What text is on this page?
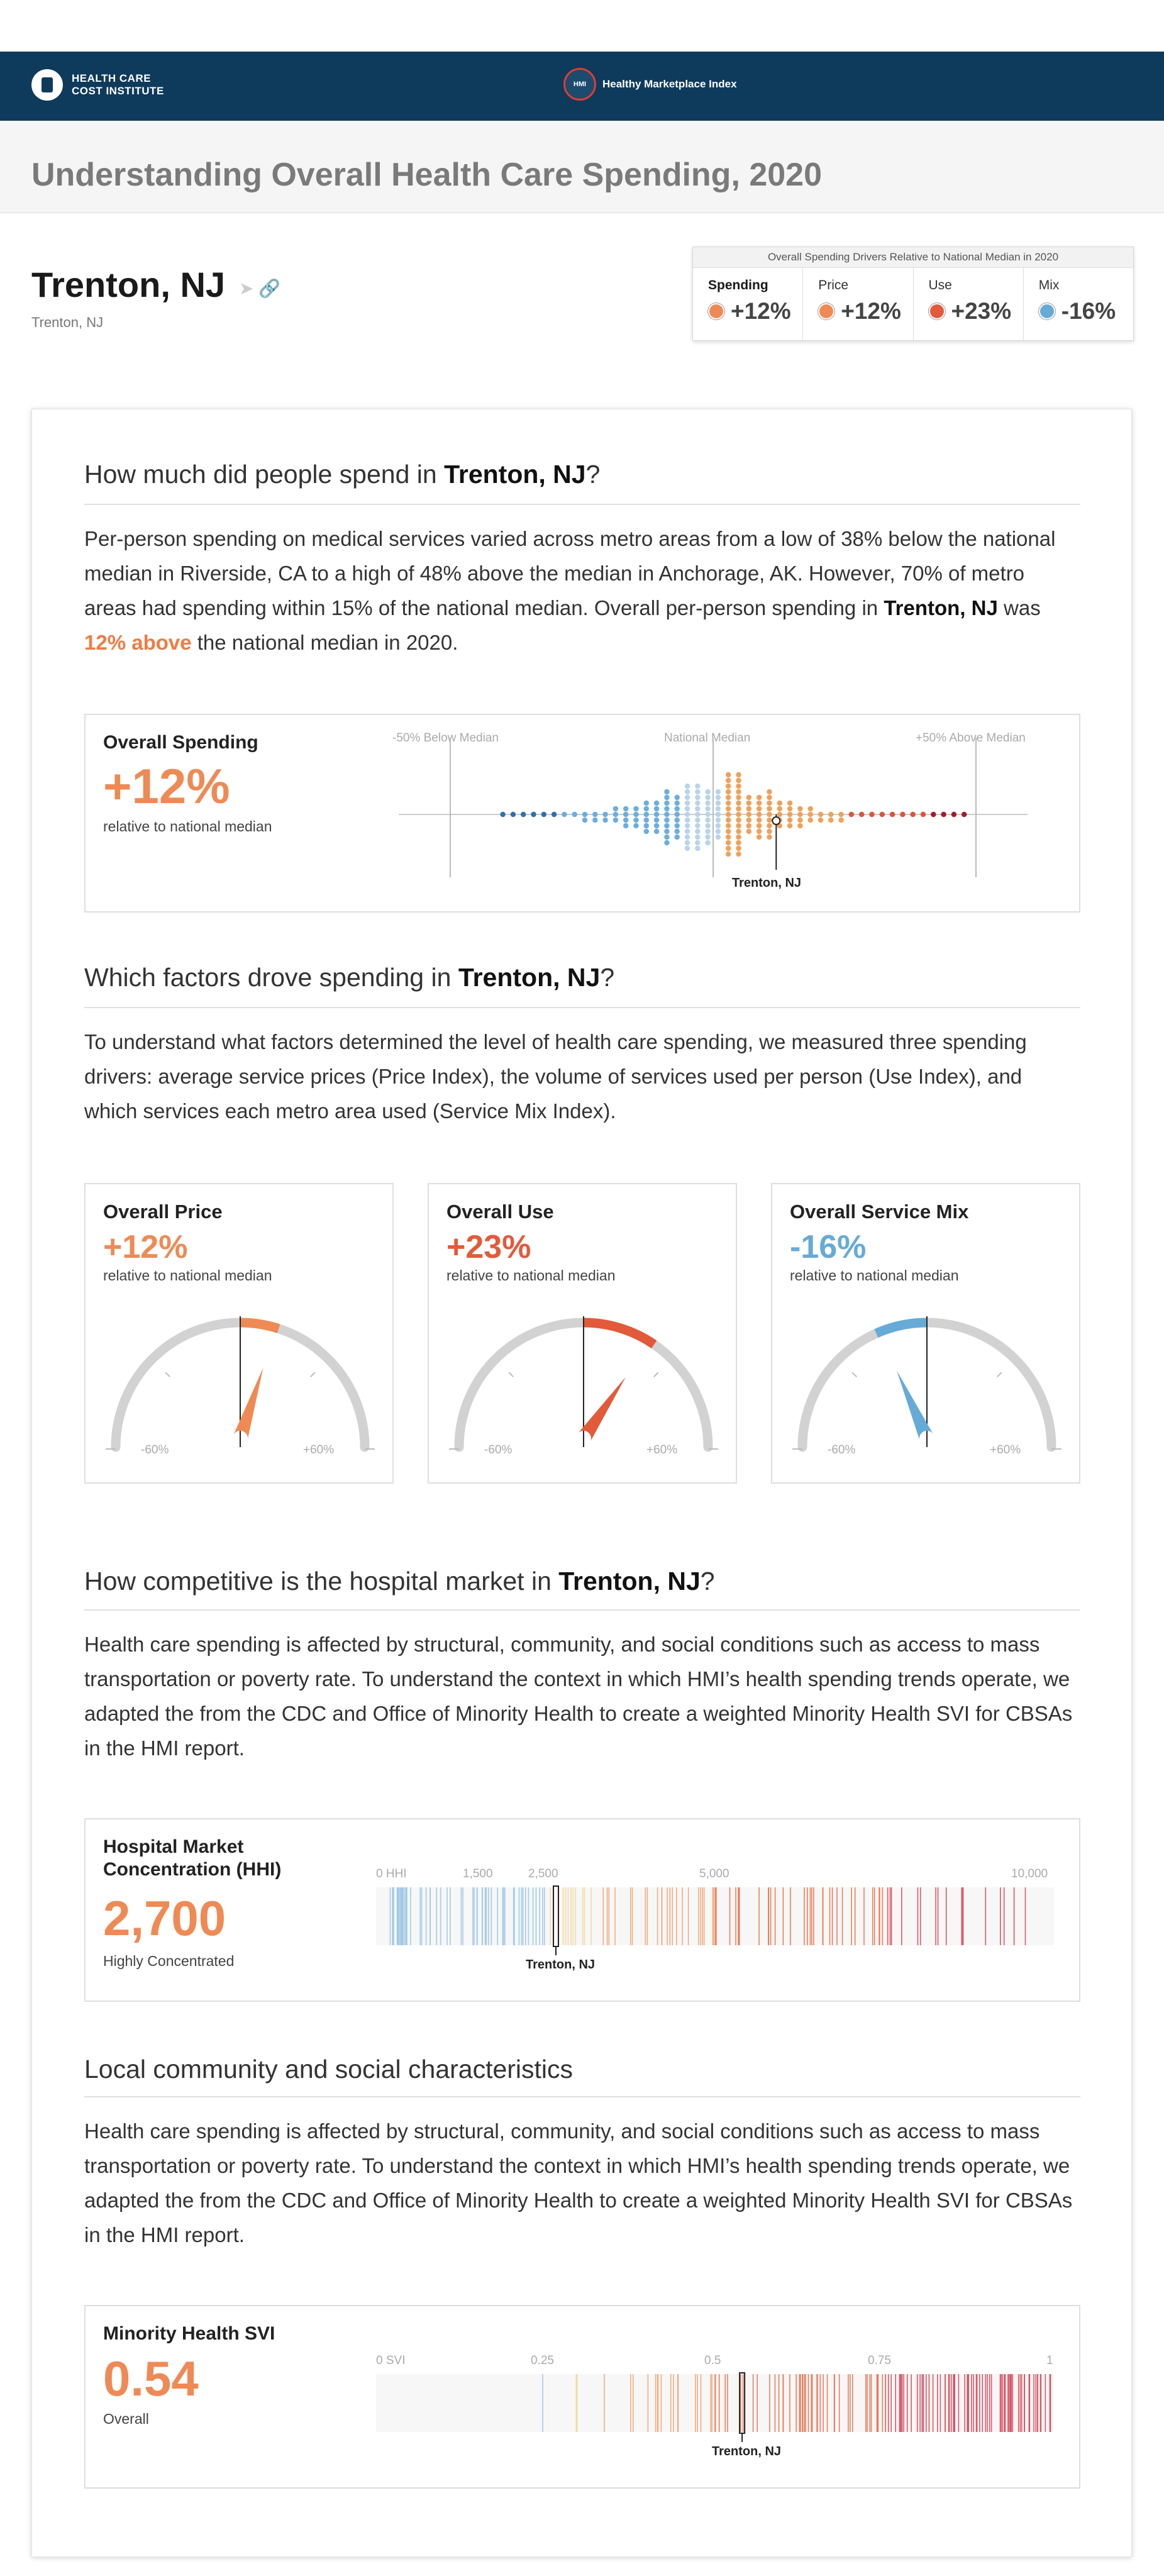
HEALTH CARE
COST INSTITUTE
HMI	Healthy Marketplace Index
Understanding Overall Health Care Spending, 2020
Trenton, NJ ➤ 🔗
Trenton, NJ
Overall Spending Drivers Relative to National Median in 2020
Spending
+12%
Price
+12%
Use
+23%
Mix
-16%
How much did people spend in Trenton, NJ?

Per-person spending on medical services varied across metro areas from a low of 38% below the national median in Riverside, CA to a high of 48% above the median in Anchorage, AK. However, 70% of metro areas had spending within 15% of the national median. Overall per-person spending in Trenton, NJ was 12% above the national median in 2020.

Overall Spending
+12%
relative to national median
-50% Below Median	National Median	+50% Above Median
Trenton, NJ
Which factors drove spending in Trenton, NJ?

To understand what factors determined the level of health care spending, we measured three spending drivers: average service prices (Price Index), the volume of services used per person (Use Index), and which services each metro area used (Service Mix Index).

Overall Price
+12%
relative to national median
-60%	+60%
Overall Use
+23%
relative to national median
-60%	+60%
Overall Service Mix
-16%
relative to national median
-60%	+60%
How competitive is the hospital market in Trenton, NJ?

Health care spending is affected by structural, community, and social conditions such as access to mass transportation or poverty rate. To understand the context in which HMI’s health spending trends operate, we adapted the from the CDC and Office of Minority Health to create a weighted Minority Health SVI for CBSAs in the HMI report.

Hospital Market Concentration (HHI)
2,700
Highly Concentrated
0 HHI	1,500	2,500	5,000	10,000
Trenton, NJ
Local community and social characteristics

Health care spending is affected by structural, community, and social conditions such as access to mass transportation or poverty rate. To understand the context in which HMI’s health spending trends operate, we adapted the from the CDC and Office of Minority Health to create a weighted Minority Health SVI for CBSAs in the HMI report.

Minority Health SVI
0.54
Overall
0 SVI	0.25	0.5	0.75	1
Trenton, NJ
